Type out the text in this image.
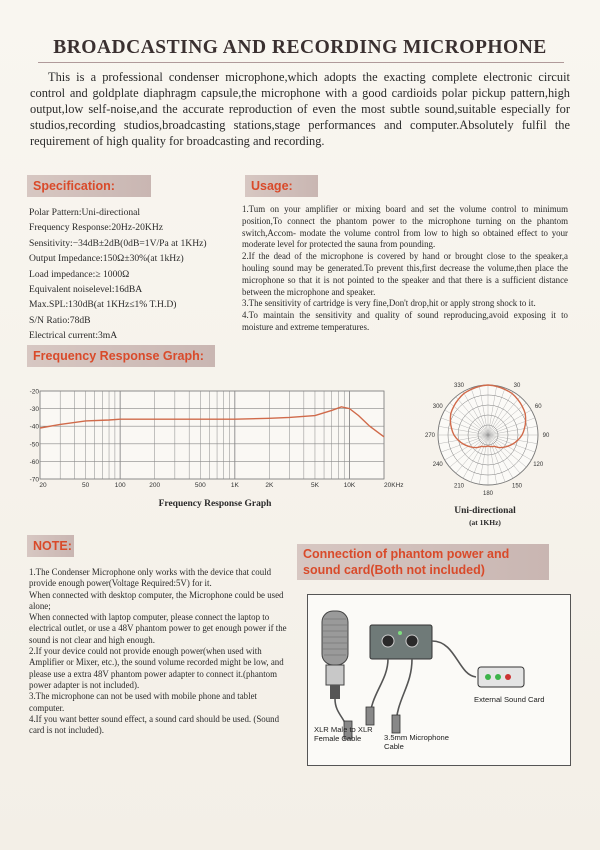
BROADCASTING AND RECORDING MICROPHONE
This is a professional condenser microphone,which adopts the exacting complete electronic circuit control and goldplate diaphragm capsule,the microphone with a good cardioids polar pickup pattern,high output,low self-noise,and the accurate reproduction of even the most subtle sound,suitable especially for studios,recording studios,broadcasting stations,stage performances and computer.Absolutely fulfil the requirement of high quality for broadcasting and recording.
Specification:
Polar Pattern:Uni-directional
Frequency Response:20Hz-20KHz
Sensitivity:−34dB±2dB(0dB=1V/Pa at 1KHz)
Output Impedance:150Ω±30%(at 1kHz)
Load impedance:≥ 1000Ω
Equivalent noiselevel:16dBA
Max.SPL:130dB(at 1KHz≤1% T.H.D)
S/N Ratio:78dB
Electrical current:3mA
Usage:

1.Tum on your amplifier or mixing board and set the volume control to minimum position,To connect the phantom power to the microphone turning on the phantom switch,Accom- modate the volume control from low to high so obtained effect to your moderate level for protected the sauna from pounding.

2.If the dead of the microphone is covered by hand or brought close to the speaker,a houling sound may be generated.To prevent this,first decrease the volume,then place the microphone so that it is not pointed to the speaker and that there is a sufficient distance between the microphone and speaker.

3.The sensitivity of cartridge is very fine,Don't drop,hit or apply strong shock to it.

4.To maintain the sensitivity and quality of sound reproducing,avoid exposing it to moisture and extreme temperatures.

Frequency Response Graph:
-20
-30
-40
-50
-60
-70
20	50	100	200	500	1K	2K	5K	10K	20KHz
Frequency Response Graph
330	30
300	60
270	90
240	120
210
180
150
Uni-directional
(at 1KHz)
NOTE:

1.The Condenser Microphone only works with the device that could provide enough power(Voltage Required:5V) for it.

When connected with desktop computer, the Microphone could be used alone;

When connected with laptop computer, please connect the laptop to electrical outlet, or use a 48V phantom power to get enough power if the sound is not clear and high enough.

2.If your device could not provide enough power(when used with Amplifier or Mixer, etc.), the sound volume recorded might be low, and please use a extra 48V phantom power adapter to connect it.(phantom power adapter is not included).

3.The microphone can not be used with mobile phone and tablet computer.

4.If you want better sound effect, a sound card should be used. (Sound card is not included).

Connection of phantom power and
sound card(Both not included)
External Sound Card
XLR Male to XLR Female Cable	3.5mm Microphone Cable
